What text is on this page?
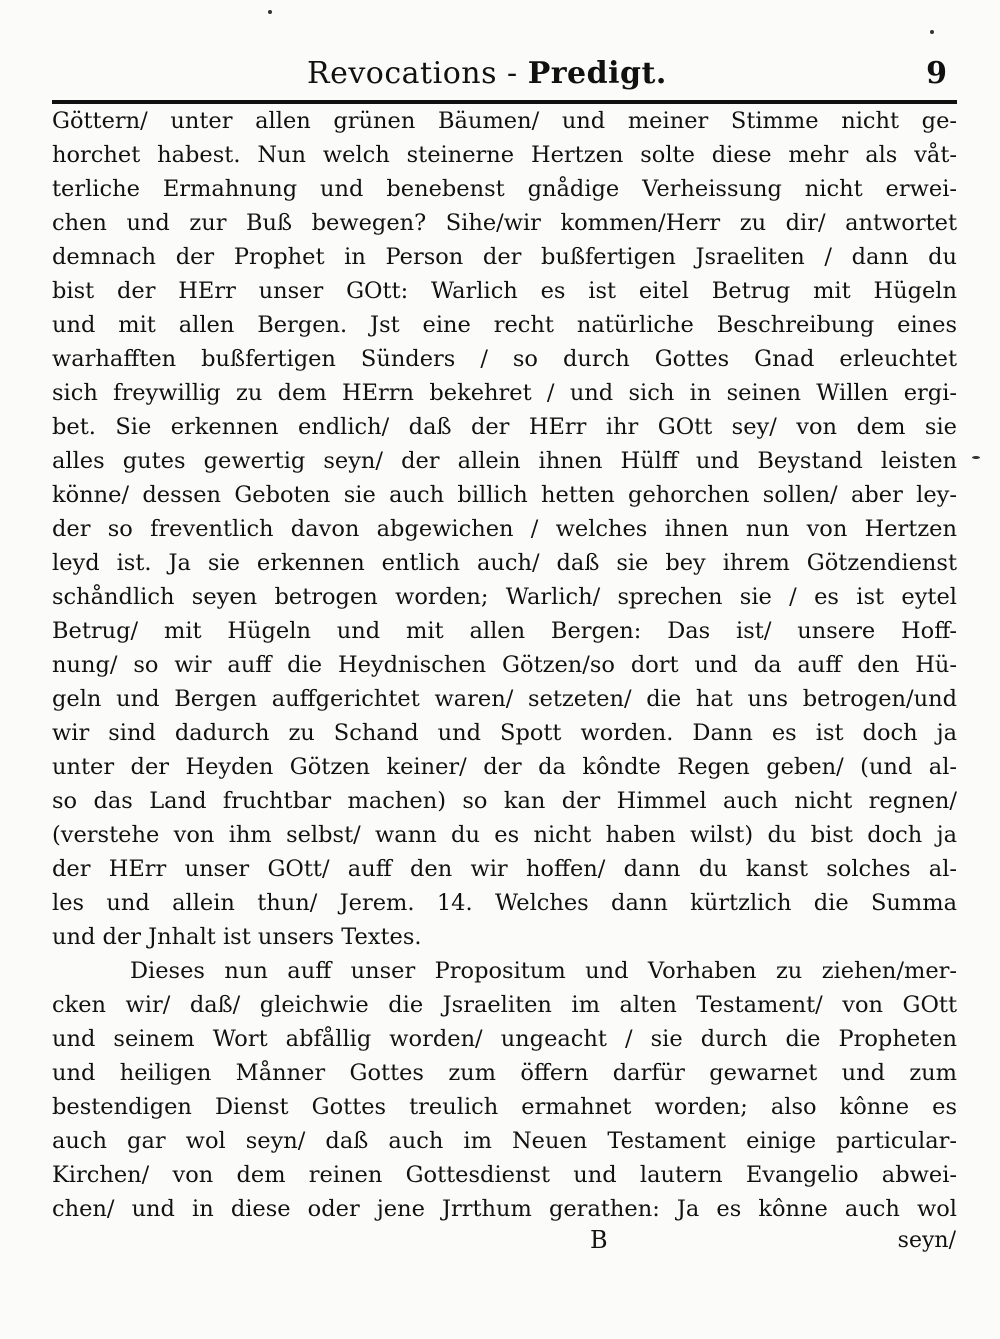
Revocations - Predigt.	9
Göttern/ unter allen grünen Bäumen/ und meiner Stimme nicht ge-
horchet habest. Nun welch steinerne Hertzen solte diese mehr als våt-
terliche Ermahnung und benebenst gnådige Verheissung nicht erwei-
chen und zur Buß bewegen? Sihe/wir kommen/Herr zu dir/ antwortet
demnach der Prophet in Person der bußfertigen Jsraeliten / dann du
bist der HErr unser GOtt: Warlich es ist eitel Betrug mit Hügeln
und mit allen Bergen. Jst eine recht natürliche Beschreibung eines
warhafften bußfertigen Sünders / so durch Gottes Gnad erleuchtet
sich freywillig zu dem HErrn bekehret / und sich in seinen Willen ergi-
bet. Sie erkennen endlich/ daß der HErr ihr GOtt sey/ von dem sie
alles gutes gewertig seyn/ der allein ihnen Hülff und Beystand leisten
könne/ dessen Geboten sie auch billich hetten gehorchen sollen/ aber ley-
der so freventlich davon abgewichen / welches ihnen nun von Hertzen
leyd ist. Ja sie erkennen entlich auch/ daß sie bey ihrem Götzendienst
schåndlich seyen betrogen worden; Warlich/ sprechen sie / es ist eytel
Betrug/ mit Hügeln und mit allen Bergen: Das ist/ unsere Hoff-
nung/ so wir auff die Heydnischen Götzen/so dort und da auff den Hü-
geln und Bergen auffgerichtet waren/ setzeten/ die hat uns betrogen/und
wir sind dadurch zu Schand und Spott worden. Dann es ist doch ja
unter der Heyden Götzen keiner/ der da kôndte Regen geben/ (und al-
so das Land fruchtbar machen) so kan der Himmel auch nicht regnen/
(verstehe von ihm selbst/ wann du es nicht haben wilst) du bist doch ja
der HErr unser GOtt/ auff den wir hoffen/ dann du kanst solches al-
les und allein thun/ Jerem. 14. Welches dann kürtzlich die Summa
und der Jnhalt ist unsers Textes.
Dieses nun auff unser Propositum und Vorhaben zu ziehen/mer-
cken wir/ daß/ gleichwie die Jsraeliten im alten Testament/ von GOtt
und seinem Wort abfållig worden/ ungeacht / sie durch die Propheten
und heiligen Månner Gottes zum öffern darfür gewarnet und zum
bestendigen Dienst Gottes treulich ermahnet worden; also kônne es
auch gar wol seyn/ daß auch im Neuen Testament einige particular-
Kirchen/ von dem reinen Gottesdienst und lautern Evangelio abwei-
chen/ und in diese oder jene Jrrthum gerathen: Ja es kônne auch wol
B	seyn/
